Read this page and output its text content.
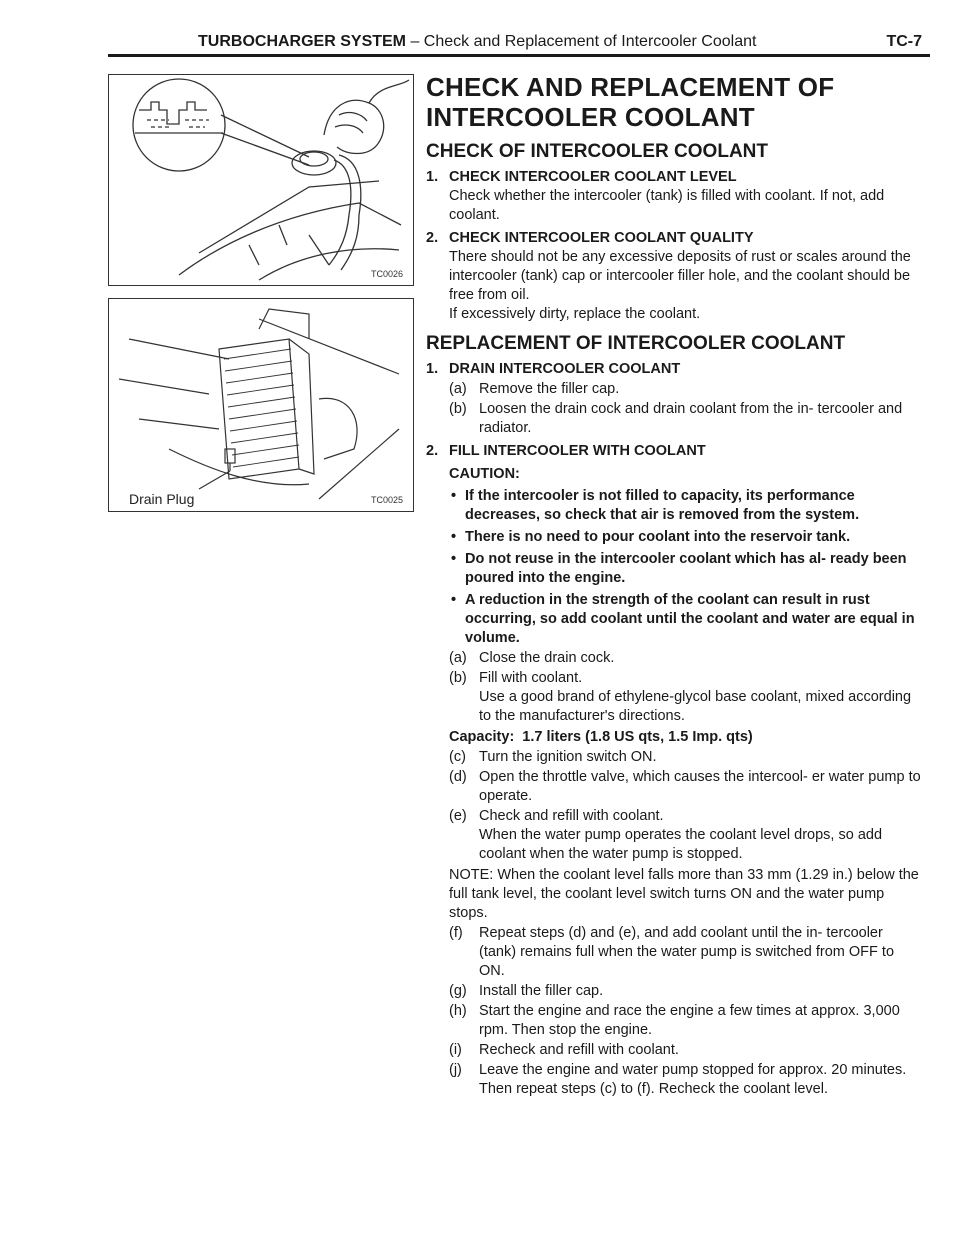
TURBOCHARGER SYSTEM – Check and Replacement of Intercooler Coolant	TC-7
TC0026
Drain Plug	TC0025
CHECK AND REPLACEMENT OF INTERCOOLER COOLANT
CHECK OF INTERCOOLER COOLANT
1. CHECK INTERCOOLER COOLANT LEVEL

Check whether the intercooler (tank) is filled with coolant. If not, add coolant.

2. CHECK INTERCOOLER COOLANT QUALITY

There should not be any excessive deposits of rust or scales around the intercooler (tank) cap or intercooler filler hole, and the coolant should be free from oil.

If excessively dirty, replace the coolant.

REPLACEMENT OF INTERCOOLER COOLANT
1. DRAIN INTERCOOLER COOLANT
(a) Remove the filler cap.
(b) Loosen the drain cock and drain coolant from the in- tercooler and radiator.
2. FILL INTERCOOLER WITH COOLANT
CAUTION:
• If the intercooler is not filled to capacity, its performance decreases, so check that air is removed from the system.
• There is no need to pour coolant into the reservoir tank.
• Do not reuse in the intercooler coolant which has al- ready been poured into the engine.
• A reduction in the strength of the coolant can result in rust occurring, so add coolant until the coolant and water are equal in volume.
(a) Close the drain cock.
(b) Fill with coolant.

Use a good brand of ethylene-glycol base coolant, mixed according to the manufacturer's directions.

Capacity: 1.7 liters (1.8 US qts, 1.5 Imp. qts)
(c) Turn the ignition switch ON.
(d) Open the throttle valve, which causes the intercool- er water pump to operate.
(e) Check and refill with coolant.

When the water pump operates the coolant level drops, so add coolant when the water pump is stopped.

NOTE: When the coolant level falls more than 33 mm (1.29 in.) below the full tank level, the coolant level switch turns ON and the water pump stops.

(f)	Repeat steps (d) and (e), and add coolant until the in- tercooler (tank) remains full when the water pump is switched from OFF to ON.
(g) Install the filler cap.
(h) Start the engine and race the engine a few times at approx. 3,000 rpm. Then stop the engine.
(i)	Recheck and refill with coolant.
(j)	Leave the engine and water pump stopped for approx. 20 minutes. Then repeat steps (c) to (f). Recheck the coolant level.
